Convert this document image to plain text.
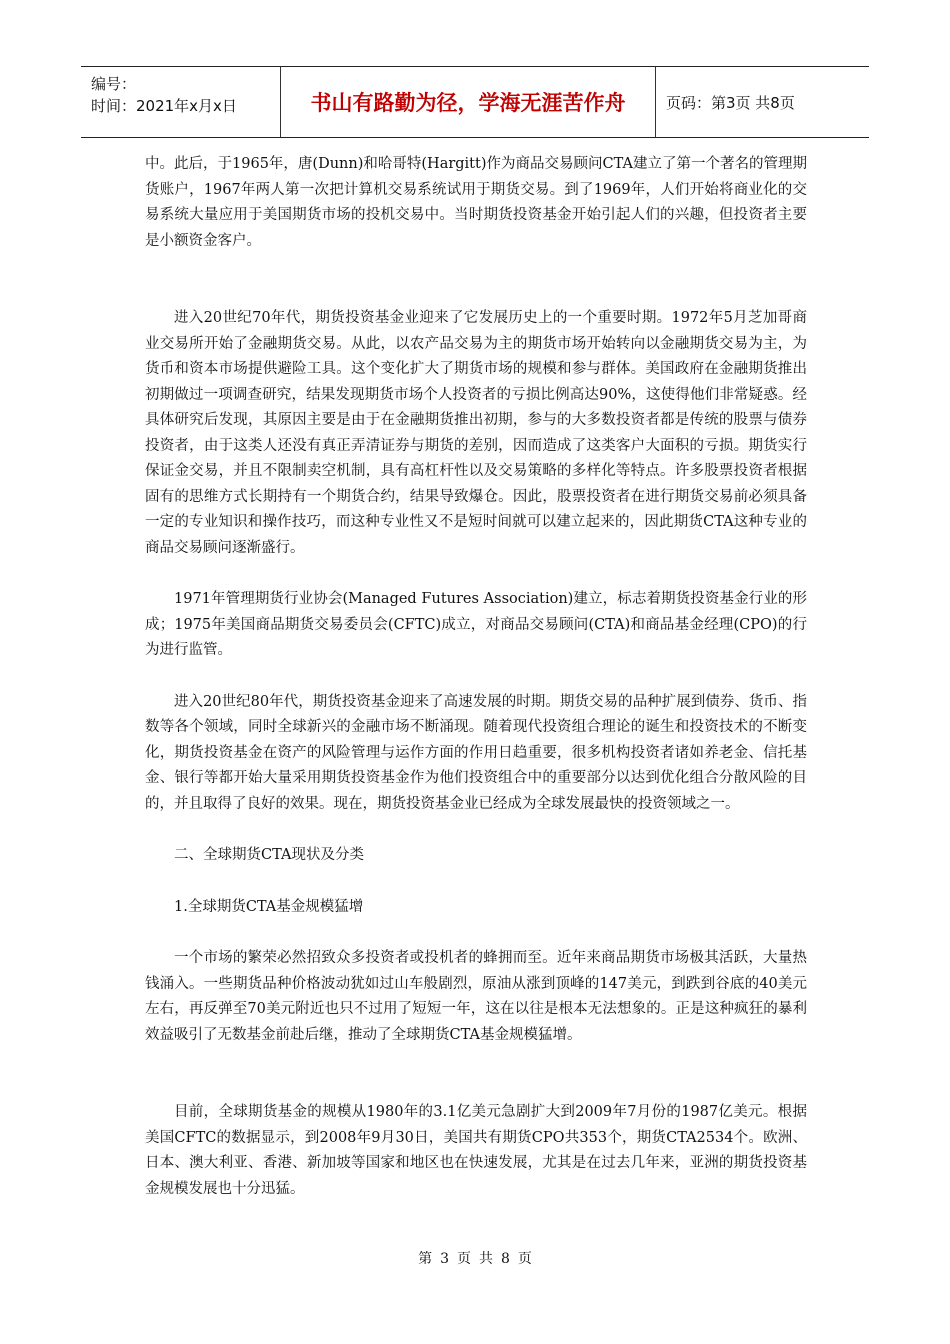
编号：
时间：2021年x月x日	书山有路勤为径，学海无涯苦作舟	页码：第3页 共8页

中。此后，于1965年，唐(Dunn)和哈哥特(Hargitt)作为商品交易顾问CTA建立了第一个著名的管理期货账户，1967年两人第一次把计算机交易系统试用于期货交易。到了1969年，人们开始将商业化的交易系统大量应用于美国期货市场的投机交易中。当时期货投资基金开始引起人们的兴趣，但投资者主要是小额资金客户。

进入20世纪70年代，期货投资基金业迎来了它发展历史上的一个重要时期。1972年5月芝加哥商业交易所开始了金融期货交易。从此，以农产品交易为主的期货市场开始转向以金融期货交易为主，为货币和资本市场提供避险工具。这个变化扩大了期货市场的规模和参与群体。美国政府在金融期货推出初期做过一项调查研究，结果发现期货市场个人投资者的亏损比例高达90%，这使得他们非常疑惑。经具体研究后发现，其原因主要是由于在金融期货推出初期，参与的大多数投资者都是传统的股票与债券投资者，由于这类人还没有真正弄清证券与期货的差别，因而造成了这类客户大面积的亏损。期货实行保证金交易，并且不限制卖空机制，具有高杠杆性以及交易策略的多样化等特点。许多股票投资者根据固有的思维方式长期持有一个期货合约，结果导致爆仓。因此，股票投资者在进行期货交易前必须具备一定的专业知识和操作技巧，而这种专业性又不是短时间就可以建立起来的，因此期货CTA这种专业的商品交易顾问逐渐盛行。

1971年管理期货行业协会(Managed Futures Association)建立，标志着期货投资基金行业的形成；1975年美国商品期货交易委员会(CFTC)成立，对商品交易顾问(CTA)和商品基金经理(CPO)的行为进行监管。

进入20世纪80年代，期货投资基金迎来了高速发展的时期。期货交易的品种扩展到债券、货币、指数等各个领域，同时全球新兴的金融市场不断涌现。随着现代投资组合理论的诞生和投资技术的不断变化，期货投资基金在资产的风险管理与运作方面的作用日趋重要，很多机构投资者诸如养老金、信托基金、银行等都开始大量采用期货投资基金作为他们投资组合中的重要部分以达到优化组合分散风险的目的，并且取得了良好的效果。现在，期货投资基金业已经成为全球发展最快的投资领域之一。

二、全球期货CTA现状及分类

1.全球期货CTA基金规模猛增

一个市场的繁荣必然招致众多投资者或投机者的蜂拥而至。近年来商品期货市场极其活跃，大量热钱涌入。一些期货品种价格波动犹如过山车般剧烈，原油从涨到顶峰的147美元，到跌到谷底的40美元左右，再反弹至70美元附近也只不过用了短短一年，这在以往是根本无法想象的。正是这种疯狂的暴利效益吸引了无数基金前赴后继，推动了全球期货CTA基金规模猛增。

目前，全球期货基金的规模从1980年的3.1亿美元急剧扩大到2009年7月份的1987亿美元。根据美国CFTC的数据显示，到2008年9月30日，美国共有期货CPO共353个，期货CTA2534个。欧洲、日本、澳大利亚、香港、新加坡等国家和地区也在快速发展，尤其是在过去几年来，亚洲的期货投资基金规模发展也十分迅猛。

第 3 页 共 8 页
